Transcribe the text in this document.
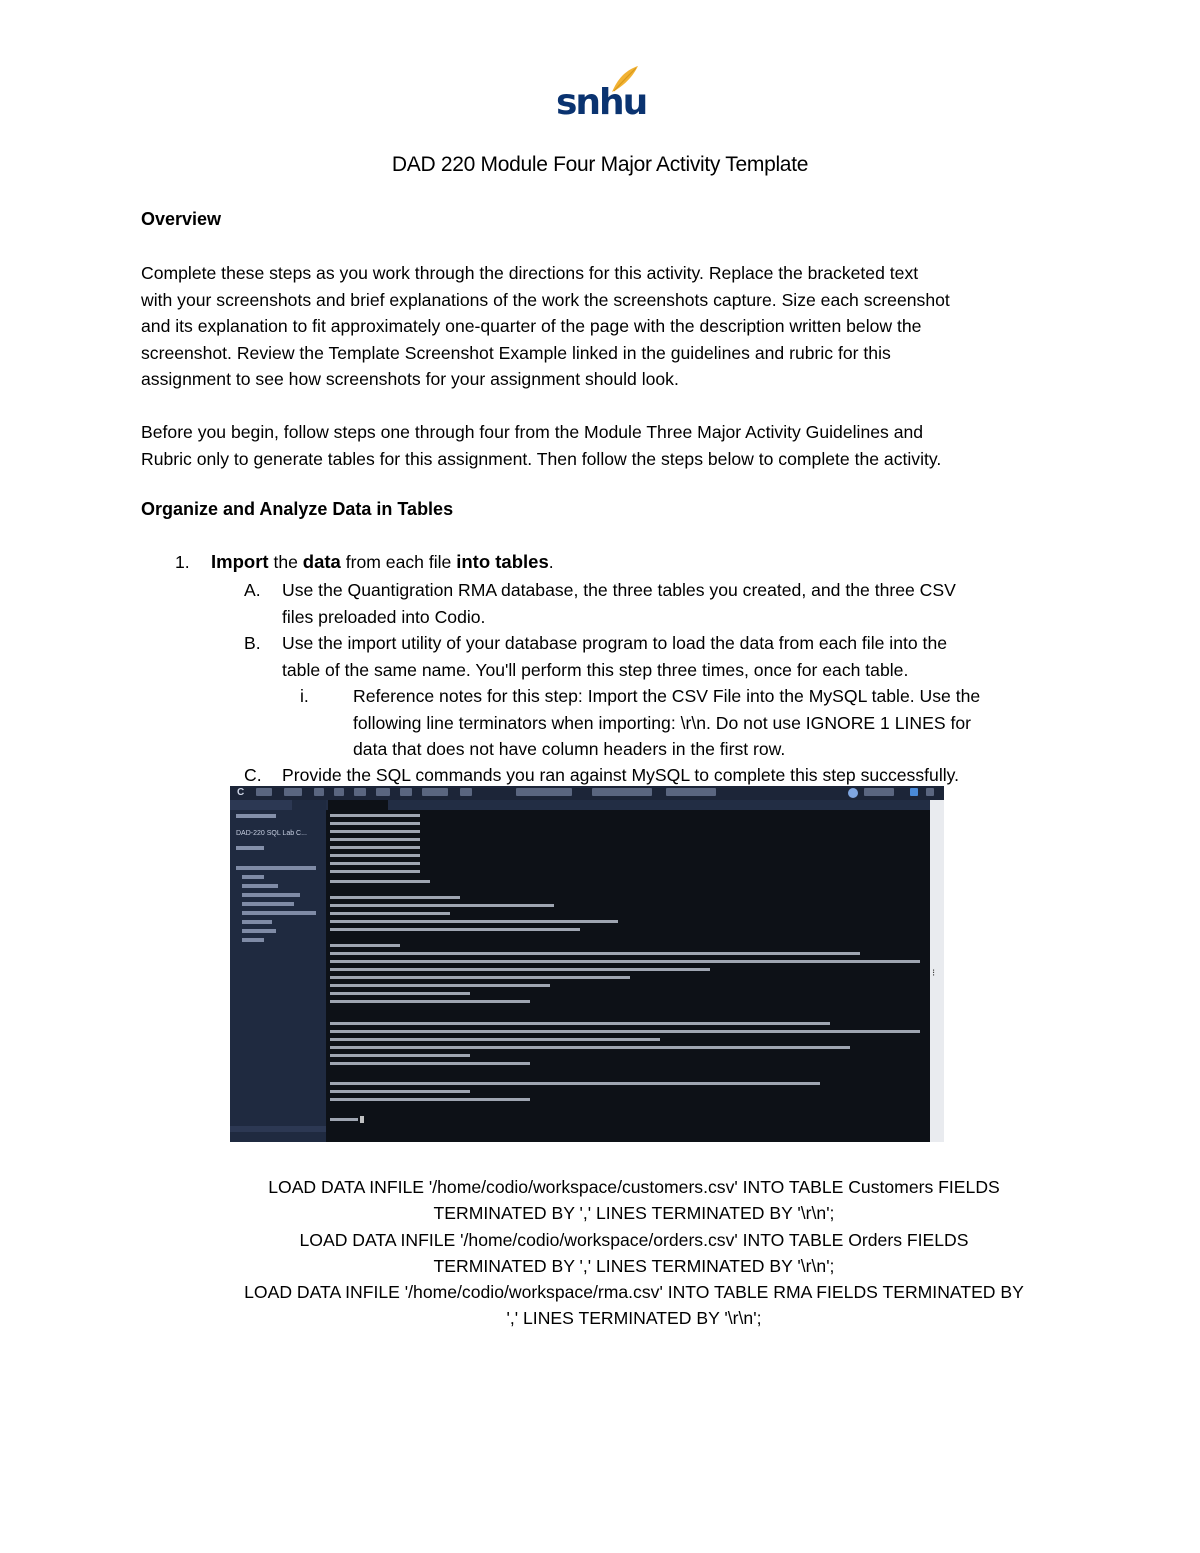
snhu
DAD 220 Module Four Major Activity Template
Overview
Complete these steps as you work through the directions for this activity. Replace the bracketed text
with your screenshots and brief explanations of the work the screenshots capture. Size each screenshot
and its explanation to fit approximately one-quarter of the page with the description written below the
screenshot. Review the Template Screenshot Example linked in the guidelines and rubric for this
assignment to see how screenshots for your assignment should look.
Before you begin, follow steps one through four from the Module Three Major Activity Guidelines and
Rubric only to generate tables for this assignment. Then follow the steps below to complete the activity.
Organize and Analyze Data in Tables
1. Import the data from each file into tables.
A. Use the Quantigration RMA database, the three tables you created, and the three CSV
files preloaded into Codio.
B. Use the import utility of your database program to load the data from each file into the
table of the same name. You'll perform this step three times, once for each table.
i.	Reference notes for this step: Import the CSV File into the MySQL table. Use the
following line terminators when importing: \r\n. Do not use IGNORE 1 LINES for
data that does not have column headers in the first row.
C. Provide the SQL commands you ran against MySQL to complete this step successfully.
C
DAD-220 SQL Lab C...
⁝
LOAD DATA INFILE '/home/codio/workspace/customers.csv' INTO TABLE Customers FIELDS
TERMINATED BY ',' LINES TERMINATED BY '\r\n';
LOAD DATA INFILE '/home/codio/workspace/orders.csv' INTO TABLE Orders FIELDS
TERMINATED BY ',' LINES TERMINATED BY '\r\n';
LOAD DATA INFILE '/home/codio/workspace/rma.csv' INTO TABLE RMA FIELDS TERMINATED BY
',' LINES TERMINATED BY '\r\n';
